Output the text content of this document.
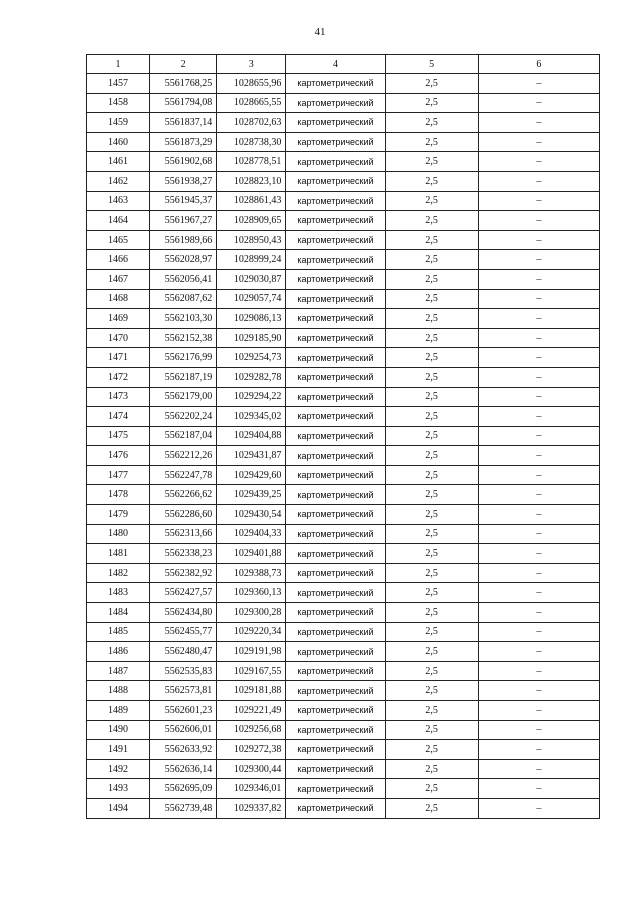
41
1	2	3	4	5	6
1457	5561768,25	1028655,96	картометрический	2,5	–
1458	5561794,08	1028665,55	картометрический	2,5	–
1459	5561837,14	1028702,63	картометрический	2,5	–
1460	5561873,29	1028738,30	картометрический	2,5	–
1461	5561902,68	1028778,51	картометрический	2,5	–
1462	5561938,27	1028823,10	картометрический	2,5	–
1463	5561945,37	1028861,43	картометрический	2,5	–
1464	5561967,27	1028909,65	картометрический	2,5	–
1465	5561989,66	1028950,43	картометрический	2,5	–
1466	5562028,97	1028999,24	картометрический	2,5	–
1467	5562056,41	1029030,87	картометрический	2,5	–
1468	5562087,62	1029057,74	картометрический	2,5	–
1469	5562103,30	1029086,13	картометрический	2,5	–
1470	5562152,38	1029185,90	картометрический	2,5	–
1471	5562176,99	1029254,73	картометрический	2,5	–
1472	5562187,19	1029282,78	картометрический	2,5	–
1473	5562179,00	1029294,22	картометрический	2,5	–
1474	5562202,24	1029345,02	картометрический	2,5	–
1475	5562187,04	1029404,88	картометрический	2,5	–
1476	5562212,26	1029431,87	картометрический	2,5	–
1477	5562247,78	1029429,60	картометрический	2,5	–
1478	5562266,62	1029439,25	картометрический	2,5	–
1479	5562286,60	1029430,54	картометрический	2,5	–
1480	5562313,66	1029404,33	картометрический	2,5	–
1481	5562338,23	1029401,88	картометрический	2,5	–
1482	5562382,92	1029388,73	картометрический	2,5	–
1483	5562427,57	1029360,13	картометрический	2,5	–
1484	5562434,80	1029300,28	картометрический	2,5	–
1485	5562455,77	1029220,34	картометрический	2,5	–
1486	5562480,47	1029191,98	картометрический	2,5	–
1487	5562535,83	1029167,55	картометрический	2,5	–
1488	5562573,81	1029181,88	картометрический	2,5	–
1489	5562601,23	1029221,49	картометрический	2,5	–
1490	5562606,01	1029256,68	картометрический	2,5	–
1491	5562633,92	1029272,38	картометрический	2,5	–
1492	5562636,14	1029300,44	картометрический	2,5	–
1493	5562695,09	1029346,01	картометрический	2,5	–
1494	5562739,48	1029337,82	картометрический	2,5	–
